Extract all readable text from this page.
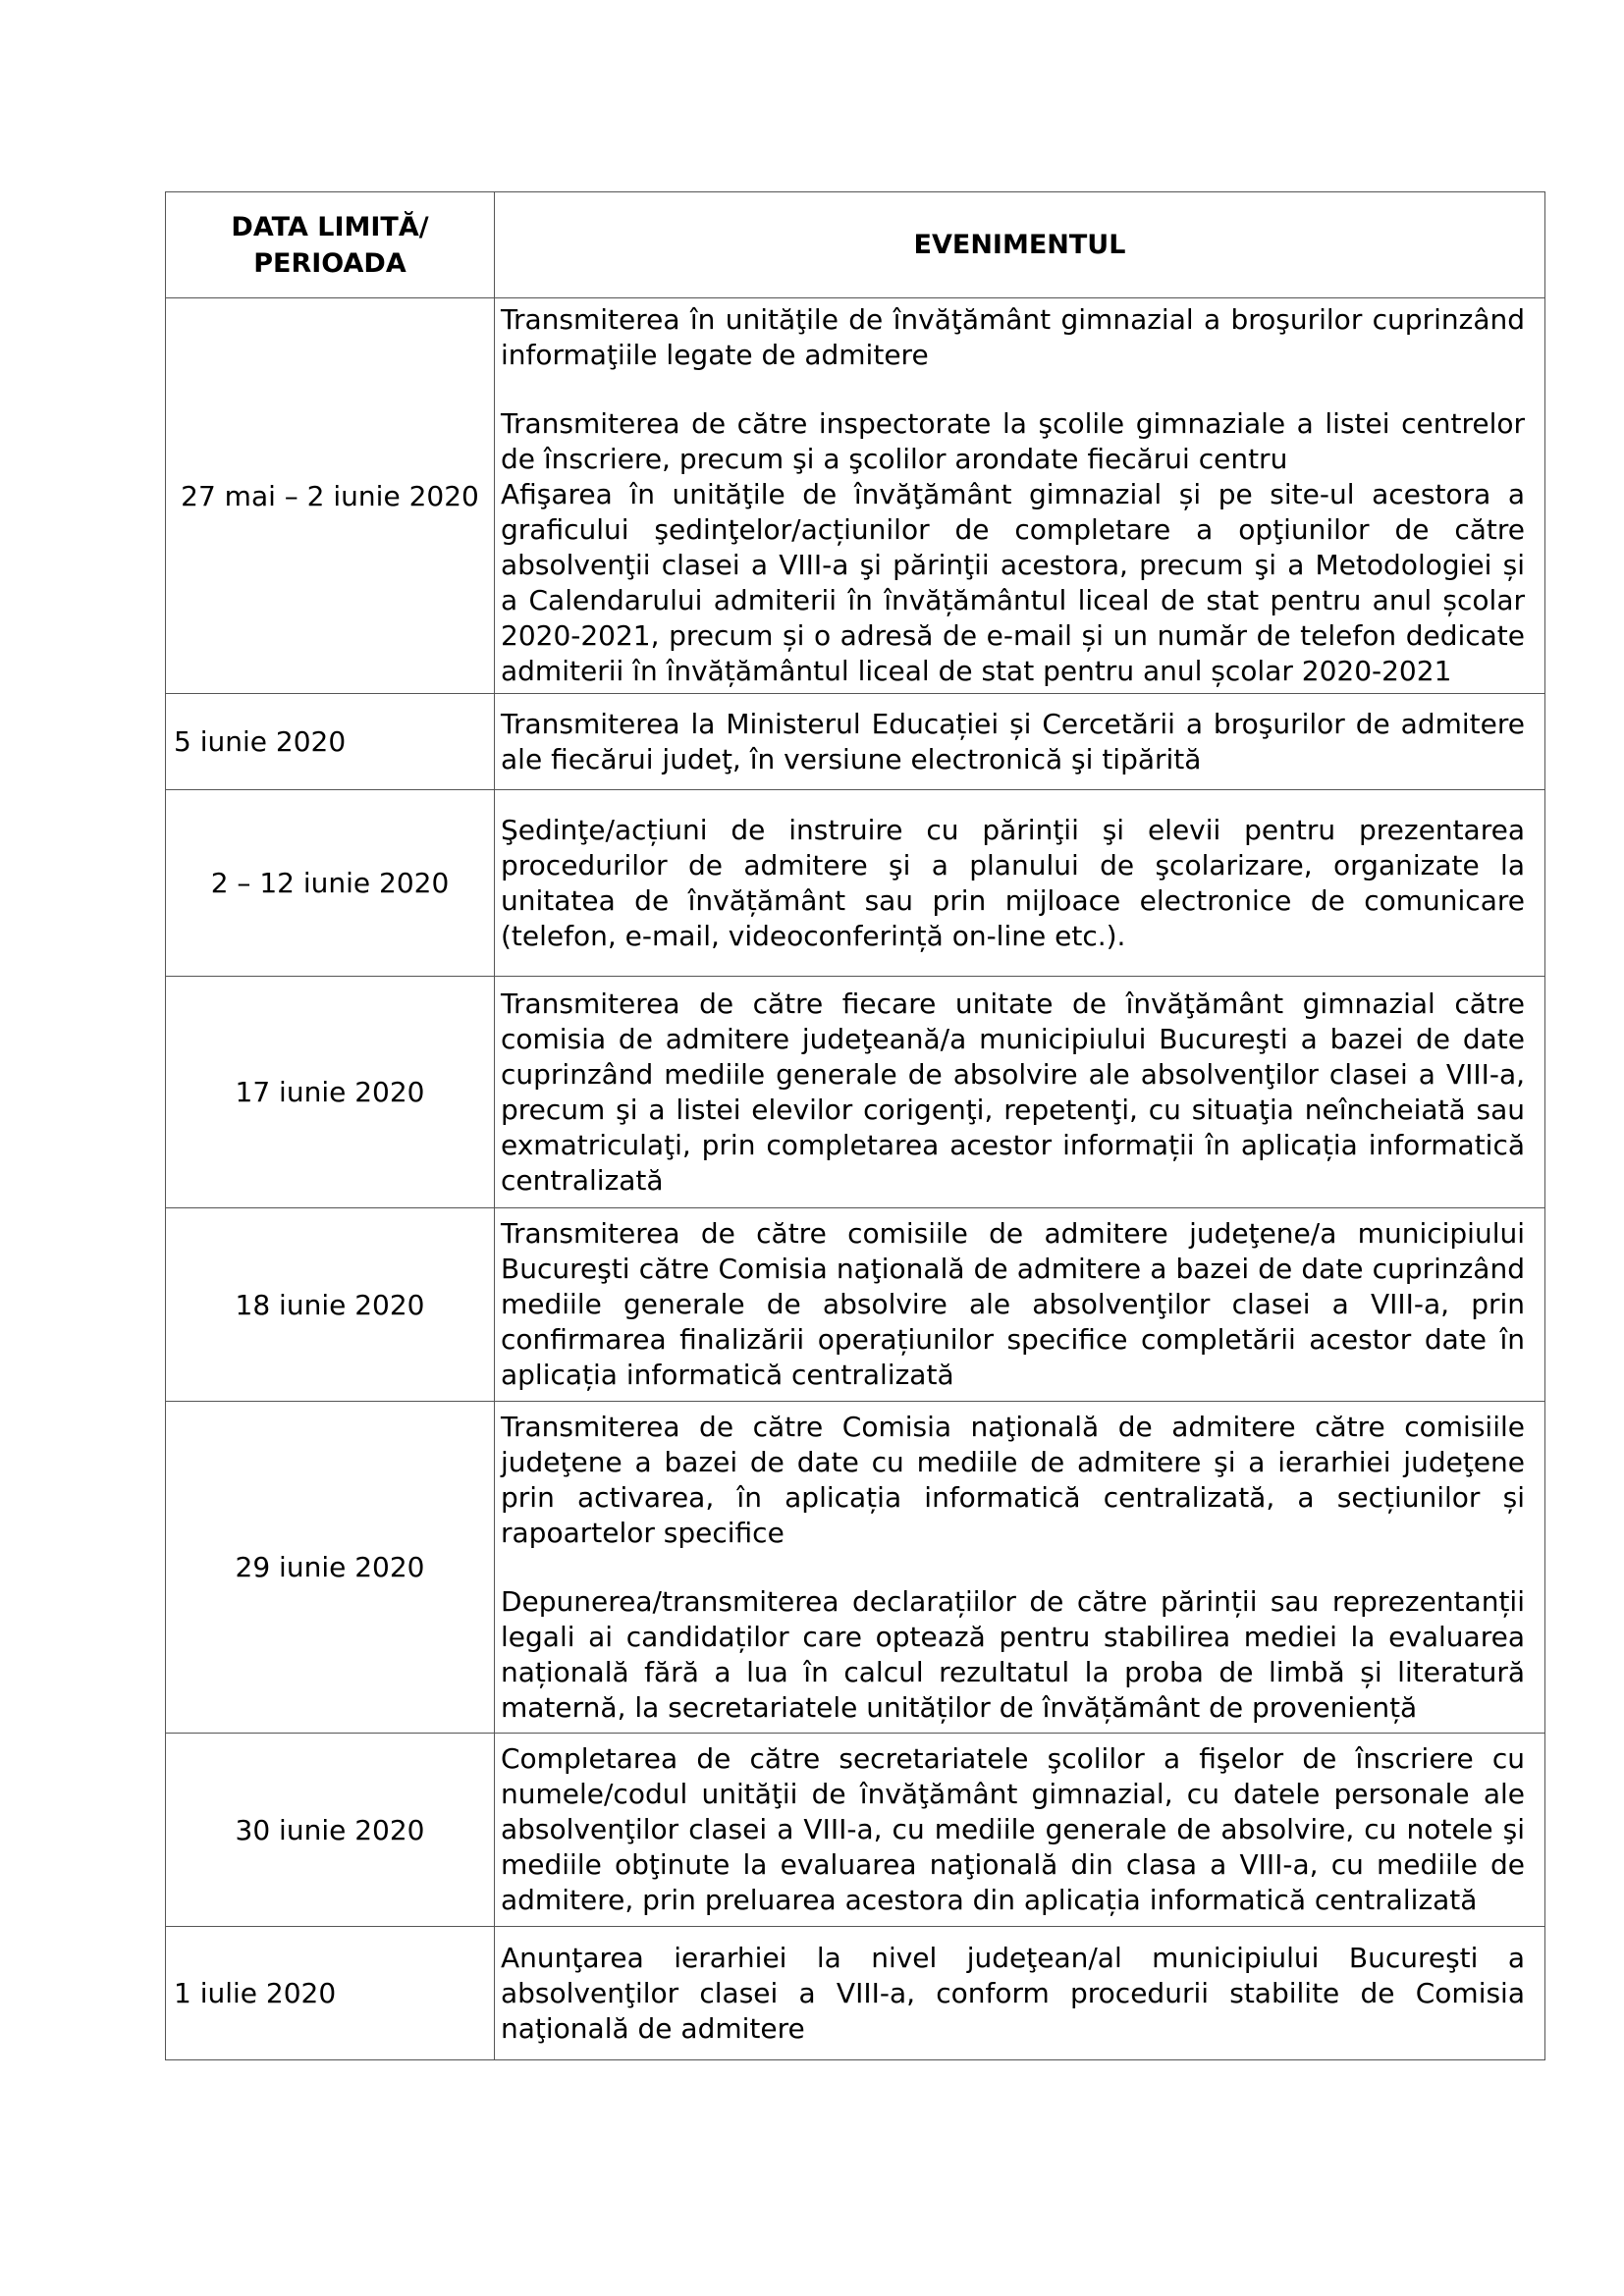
DATA LIMITĂ/
PERIOADA	EVENIMENTUL
27 mai – 2 iunie 2020	Transmiterea în unităţile de învăţământ gimnazial a broşurilor cuprinzând informaţiile legate de admitere

Transmiterea de către inspectorate la şcolile gimnaziale a listei centrelor de înscriere, precum şi a şcolilor arondate fiecărui centru

Afişarea în unităţile de învăţământ gimnazial și pe site-ul acestora a graficului şedinţelor/acțiunilor de completare a opţiunilor de către absolvenţii clasei a VIII-a şi părinţii acestora, precum şi a Metodologiei și a Calendarului admiterii în învățământul liceal de stat pentru anul școlar 2020-2021, precum și o adresă de e-mail și un număr de telefon dedicate admiterii în învățământul liceal de stat pentru anul școlar 2020-2021

5 iunie 2020	Transmiterea la Ministerul Educației și Cercetării a broşurilor de admitere ale fiecărui judeţ, în versiune electronică şi tipărită

2 – 12 iunie 2020	Şedinţe/acțiuni de instruire cu părinţii şi elevii pentru prezentarea procedurilor de admitere şi a planului de şcolarizare, organizate la unitatea de învățământ sau prin mijloace electronice de comunicare (telefon, e-mail, videoconferință on-line etc.).

17 iunie 2020	Transmiterea de către fiecare unitate de învăţământ gimnazial către comisia de admitere judeţeană/a municipiului Bucureşti a bazei de date cuprinzând mediile generale de absolvire ale absolvenţilor clasei a VIII-a, precum şi a listei elevilor corigenţi, repetenţi, cu situaţia neîncheiată sau exmatriculaţi, prin completarea acestor informații în aplicația informatică centralizată

18 iunie 2020	Transmiterea de către comisiile de admitere judeţene/a municipiului Bucureşti către Comisia naţională de admitere a bazei de date cuprinzând mediile generale de absolvire ale absolvenţilor clasei a VIII-a, prin confirmarea finalizării operațiunilor specifice completării acestor date în aplicația informatică centralizată

29 iunie 2020	Transmiterea de către Comisia naţională de admitere către comisiile judeţene a bazei de date cu mediile de admitere şi a ierarhiei judeţene prin activarea, în aplicația informatică centralizată, a secțiunilor și rapoartelor specifice

Depunerea/transmiterea declarațiilor de către părinții sau reprezentanții legali ai candidaților care optează pentru stabilirea mediei la evaluarea națională fără a lua în calcul rezultatul la proba de limbă și literatură maternă, la secretariatele unităților de învățământ de proveniență

30 iunie 2020	Completarea de către secretariatele şcolilor a fişelor de înscriere cu numele/codul unităţii de învăţământ gimnazial, cu datele personale ale absolvenţilor clasei a VIII-a, cu mediile generale de absolvire, cu notele şi mediile obţinute la evaluarea naţională din clasa a VIII-a, cu mediile de admitere, prin preluarea acestora din aplicația informatică centralizată

1 iulie 2020	Anunţarea ierarhiei la nivel judeţean/al municipiului Bucureşti a absolvenţilor clasei a VIII-a, conform procedurii stabilite de Comisia naţională de admitere
